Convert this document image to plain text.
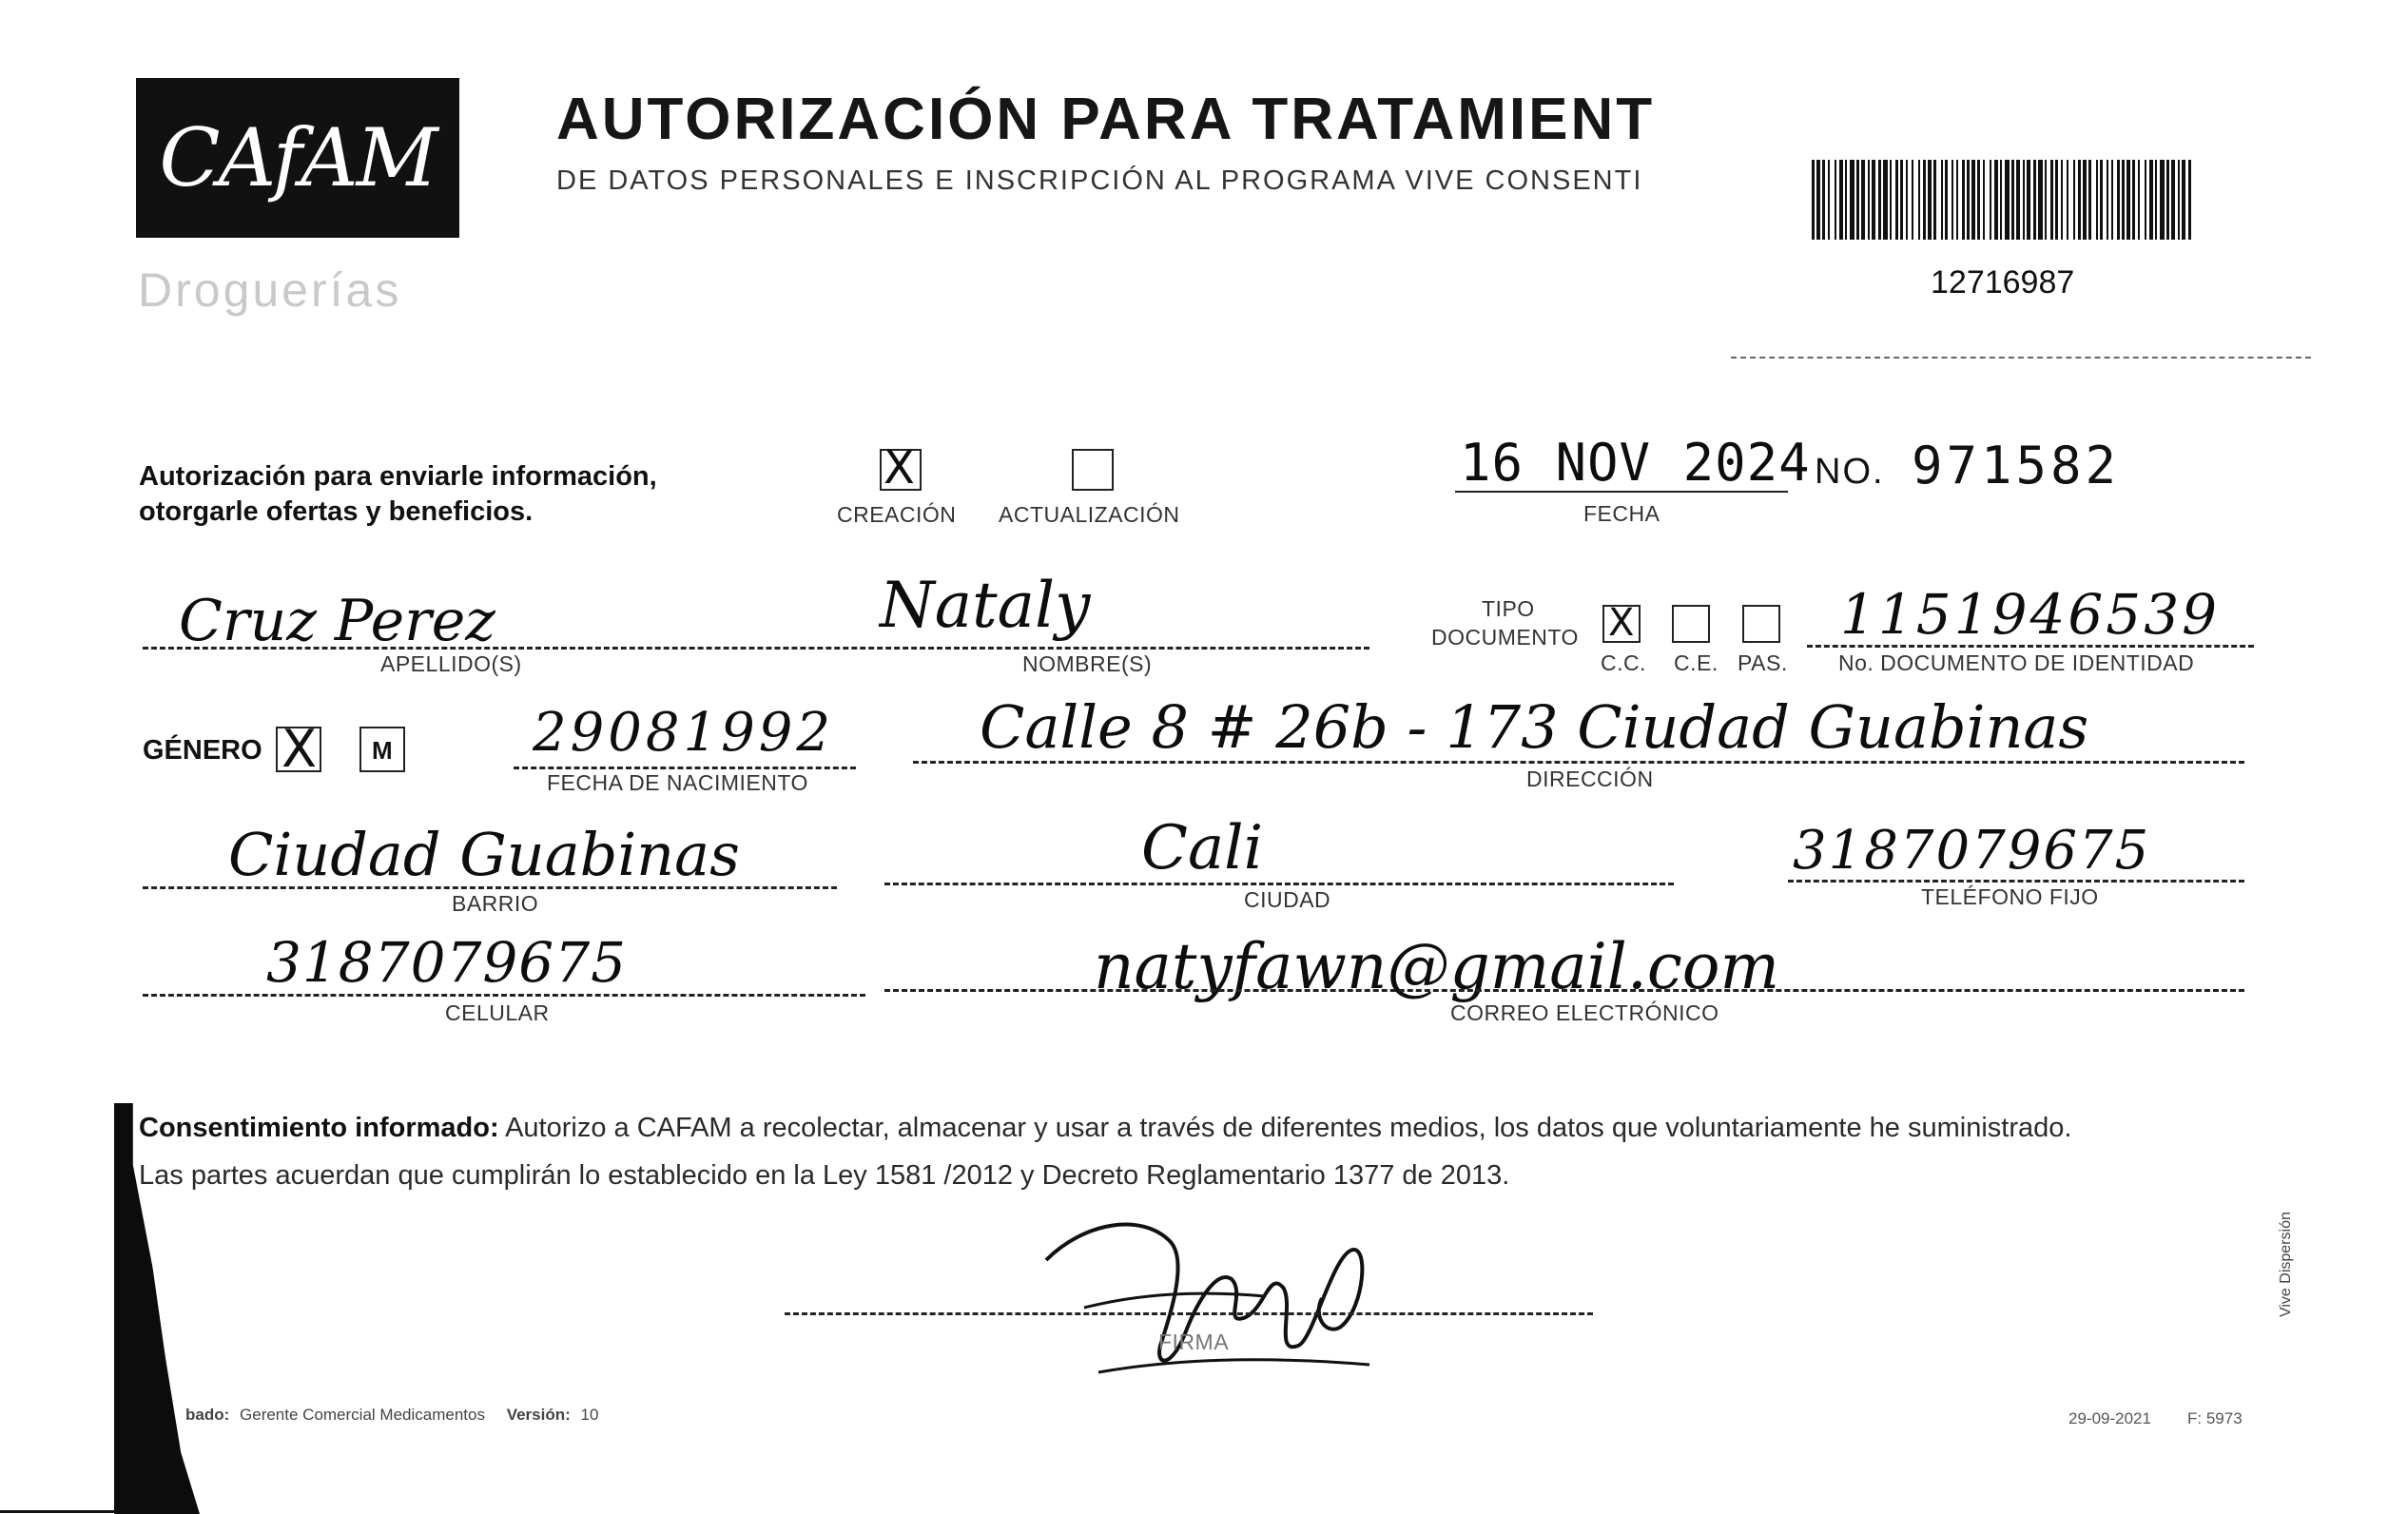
CAfAM
Droguerías
AUTORIZACIÓN PARA TRATAMIENT
DE DATOS PERSONALES E INSCRIPCIÓN AL PROGRAMA VIVE CONSENTI
12716987
Autorización para enviarle información,
otorgarle ofertas y beneficios.
X
CREACIÓN ACTUALIZACIÓN
16 NOV 2024
FECHA
NO. 971582
Cruz Perez	Nataly
APELLIDO(S)	NOMBRE(S)
TIPO
DOCUMENTO X
C.C. C.E. PAS.
1151946539
No. DOCUMENTO DE IDENTIDAD
GÉNERO X M	29081992
FECHA DE NACIMIENTO
Calle 8 # 26b - 173 Ciudad Guabinas
DIRECCIÓN
Ciudad Guabinas
BARRIO
Cali
CIUDAD
3187079675
TELÉFONO FIJO
3187079675
CELULAR
natyfawn@gmail.com
CORREO ELECTRÓNICO
Consentimiento informado: Autorizo a CAFAM a recolectar, almacenar y usar a través de diferentes medios, los datos que voluntariamente he suministrado.
Las partes acuerdan que cumplirán lo establecido en la Ley 1581 /2012 y Decreto Reglamentario 1377 de 2013.
FIRMA
bado: Gerente Comercial Medicamentos Versión: 10	29-09-2021 F: 5973
Vive Dispersión
